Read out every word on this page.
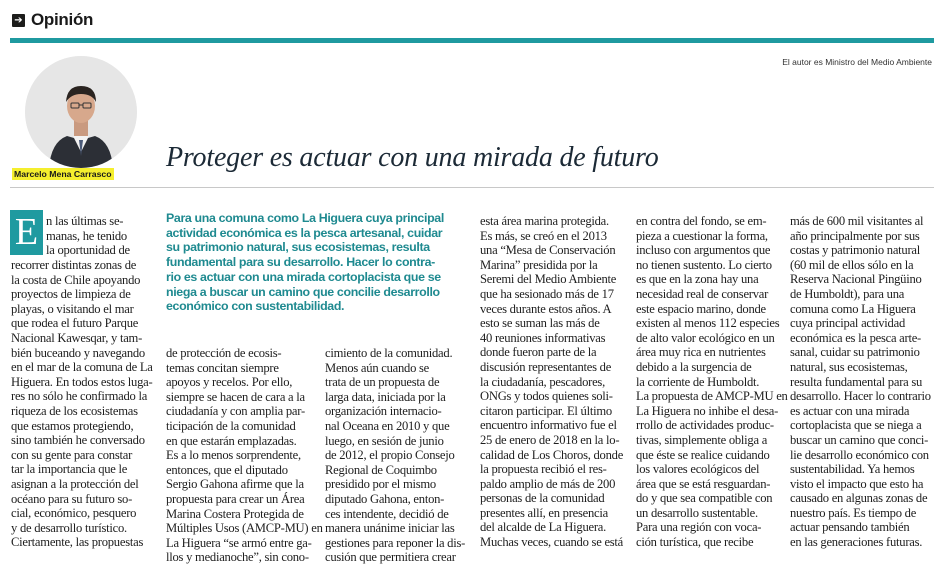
➔ Opinión
El autor es Ministro del Medio Ambiente
Marcelo Mena Carrasco
Proteger es actuar con una mirada de futuro
E n las últimas se-
manas, he tenido
la oportunidad de
recorrer distintas zonas de
la costa de Chile apoyando
proyectos de limpieza de
playas, o visitando el mar
que rodea el futuro Parque
Nacional Kawesqar, y tam-
bién buceando y navegando
en el mar de la comuna de La
Higuera. En todos estos luga-
res no sólo he confirmado la
riqueza de los ecosistemas
que estamos protegiendo,
sino también he conversado
con su gente para constar
tar la importancia que le
asignan a la protección del
océano para su futuro so-
cial, económico, pesquero
y de desarrollo turístico.
Ciertamente, las propuestas
Para una comuna como La Higuera cuya principal
actividad económica es la pesca artesanal, cuidar
su patrimonio natural, sus ecosistemas, resulta
fundamental para su desarrollo. Hacer lo contra-
rio es actuar con una mirada cortoplacista que se
niega a buscar un camino que concilie desarrollo
económico con sustentabilidad.
de protección de ecosis-
temas concitan siempre
apoyos y recelos. Por ello,
siempre se hacen de cara a la
ciudadanía y con amplia par-
ticipación de la comunidad
en que estarán emplazadas.
Es a lo menos sorprendente,
entonces, que el diputado
Sergio Gahona afirme que la
propuesta para crear un Área
Marina Costera Protegida de
Múltiples Usos (AMCP-MU) en
La Higuera “se armó entre ga-
llos y medianoche”, sin cono-
cimiento de la comunidad.
Menos aún cuando se
trata de un propuesta de
larga data, iniciada por la
organización internacio-
nal Oceana en 2010 y que
luego, en sesión de junio
de 2012, el propio Consejo
Regional de Coquimbo
presidido por el mismo
diputado Gahona, enton-
ces intendente, decidió de
manera unánime iniciar las
gestiones para reponer la dis-
cusión que permitiera crear
esta área marina protegida.
Es más, se creó en el 2013
una “Mesa de Conservación
Marina” presidida por la
Seremi del Medio Ambiente
que ha sesionado más de 17
veces durante estos años. A
esto se suman las más de
40 reuniones informativas
donde fueron parte de la
discusión representantes de
la ciudadanía, pescadores,
ONGs y todos quienes soli-
citaron participar. El último
encuentro informativo fue el
25 de enero de 2018 en la lo-
calidad de Los Choros, donde
la propuesta recibió el res-
paldo amplio de más de 200
personas de la comunidad
presentes allí, en presencia
del alcalde de La Higuera.
Muchas veces, cuando se está
en contra del fondo, se em-
pieza a cuestionar la forma,
incluso con argumentos que
no tienen sustento. Lo cierto
es que en la zona hay una
necesidad real de conservar
este espacio marino, donde
existen al menos 112 especies
de alto valor ecológico en un
área muy rica en nutrientes
debido a la surgencia de
la corriente de Humboldt.
La propuesta de AMCP-MU en
La Higuera no inhibe el desa-
rrollo de actividades produc-
tivas, simplemente obliga a
que éste se realice cuidando
los valores ecológicos del
área que se está resguardan-
do y que sea compatible con
un desarrollo sustentable.
Para una región con voca-
ción turística, que recibe
más de 600 mil visitantes al
año principalmente por sus
costas y patrimonio natural
(60 mil de ellos sólo en la
Reserva Nacional Pingüino
de Humboldt), para una
comuna como La Higuera
cuya principal actividad
económica es la pesca arte-
sanal, cuidar su patrimonio
natural, sus ecosistemas,
resulta fundamental para su
desarrollo. Hacer lo contrario
es actuar con una mirada
cortoplacista que se niega a
buscar un camino que conci-
lie desarrollo económico con
sustentabilidad. Ya hemos
visto el impacto que esto ha
causado en algunas zonas de
nuestro país. Es tiempo de
actuar pensando también
en las generaciones futuras.
